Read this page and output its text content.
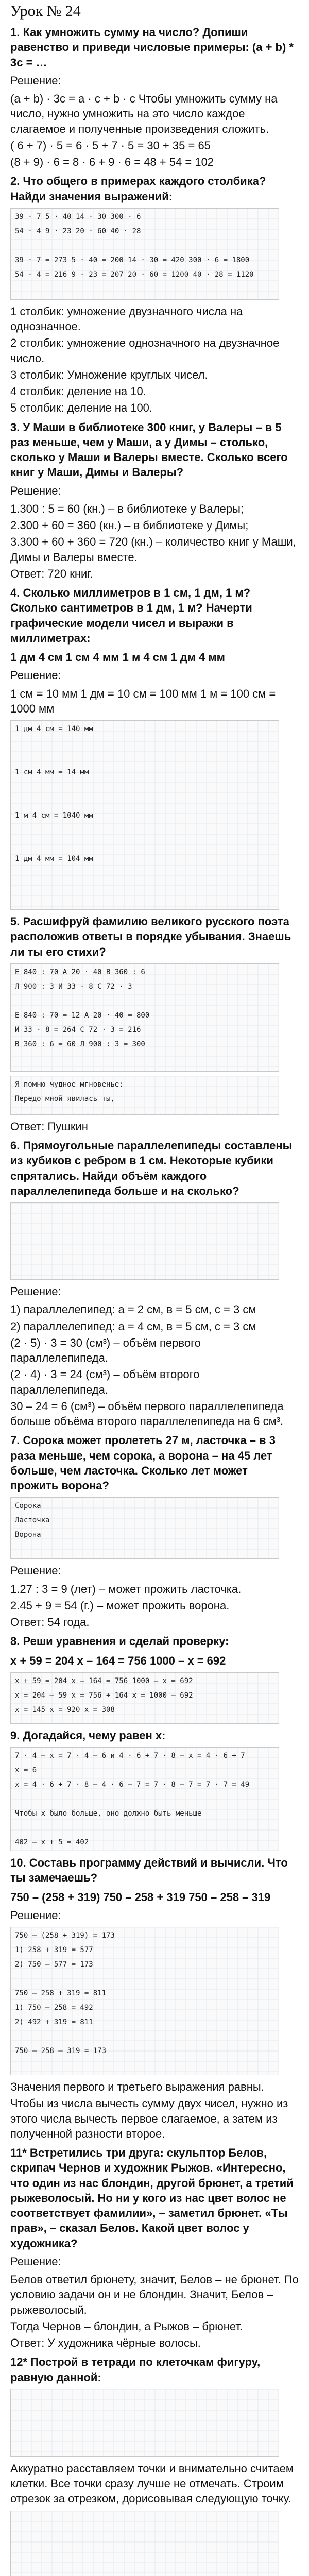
Урок № 24
1. Как умножить сумму на число? Допиши равенство и приведи числовые примеры: (a + b) * 3c = …
Решение:
(a + b) · 3c = a · c + b · c Чтобы умножить сумму на число, нужно умножить на это число каждое слагаемое и полученные произведения сложить.
( 6 + 7) · 5 = 6 · 5 + 7 · 5 = 30 + 35 = 65
(8 + 9) · 6 = 8 · 6 + 9 · 6 = 48 + 54 = 102
2. Что общего в примерах каждого столбика? Найди значения выражений:
39 · 7 5 · 40 14 · 30 300 · 6
54 · 4 9 · 23 20 · 60 40 · 28
39 · 7 = 273 5 · 40 = 200 14 · 30 = 420 300 · 6 = 1800
54 · 4 = 216 9 · 23 = 207 20 · 60 = 1200 40 · 28 = 1120
1 столбик: умножение двузначного числа на однозначное.
2 столбик: умножение однозначного на двузначное число.
3 столбик: Умножение круглых чисел.
4 столбик: деление на 10.
5 столбик: деление на 100.
3. У Маши в библиотеке 300 книг, у Валеры – в 5 раз меньше, чем у Маши, а у Димы – столько, сколько у Маши и Валеры вместе. Сколько всего книг у Маши, Димы и Валеры?
Решение:
1.300 : 5 = 60 (кн.) – в библиотеке у Валеры;
2.300 + 60 = 360 (кн.) – в библиотеке у Димы;
3.300 + 60 + 360 = 720 (кн.) – количество книг у Маши, Димы и Валеры вместе.
Ответ: 720 книг.
4. Сколько миллиметров в 1 см, 1 дм, 1 м? Сколько сантиметров в 1 дм, 1 м? Начерти графические модели чисел и выражи в миллиметрах:
1 дм 4 см 1 см 4 мм 1 м 4 см 1 дм 4 мм
Решение:
1 см = 10 мм 1 дм = 10 см = 100 мм 1 м = 100 см = 1000 мм
1 дм 4 см = 140 мм
1 см 4 мм = 14 мм
1 м 4 см = 1040 мм
1 дм 4 мм = 104 мм
5. Расшифруй фамилию великого русского поэта расположив ответы в порядке убывания. Знаешь ли ты его стихи?
E 840 : 70 A 20 · 40 B 360 : 6
Л 900 : 3 И 33 · 8 C 72 · 3
E 840 : 70 = 12 A 20 · 40 = 800
И 33 · 8 = 264 C 72 · 3 = 216
B 360 : 6 = 60 Л 900 : 3 = 300
Я помню чудное мгновенье:
Передо мной явилась ты,
Ответ: Пушкин
6. Прямоугольные параллелепипеды составлены из кубиков с ребром в 1 см. Некоторые кубики спрятались. Найди объём каждого параллелепипеда больше и на сколько?
Решение:
1) параллелепипед: a = 2 см, в = 5 см, c = 3 см
2) параллелепипед: a = 4 см, в = 5 см, c = 3 см
(2 · 5) · 3 = 30 (см³) – объём первого параллелепипеда.
(2 · 4) · 3 = 24 (см³) – объём второго параллелепипеда.
30 – 24 = 6 (см³) – объём первого параллелепипеда больше объёма второго параллелепипеда на 6 см³.
7. Сорока может пролететь 27 м, ласточка – в 3 раза меньше, чем сорока, а ворона – на 45 лет больше, чем ласточка. Сколько лет может прожить ворона?
Сорока
Ласточка
Ворона
Решение:
1.27 : 3 = 9 (лет) – может прожить ласточка.
2.45 + 9 = 54 (г.) – может прожить ворона.
Ответ: 54 года.
8. Реши уравнения и сделай проверку:
x + 59 = 204 x – 164 = 756 1000 – x = 692
x + 59 = 204 x – 164 = 756 1000 – x = 692
x = 204 – 59 x = 756 + 164 x = 1000 – 692
x = 145 x = 920 x = 308
9. Догадайся, чему равен x:
7 · 4 – x = 7 · 4 – 6 и 4 · 6 + 7 · 8 – x = 4 · 6 + 7
x = 6
х = 4 · 6 + 7 · 8 – 4 · 6 – 7 = 7 · 8 – 7 = 7 · 7 = 49
Чтобы x было больше, оно должно быть меньше
402 – x + 5 = 402
10. Составь программу действий и вычисли. Что ты замечаешь?
750 – (258 + 319) 750 – 258 + 319 750 – 258 – 319
Решение:
750 – (258 + 319) = 173
1) 258 + 319 = 577
2) 750 – 577 = 173
750 – 258 + 319 = 811
1) 750 – 258 = 492
2) 492 + 319 = 811
750 – 258 – 319 = 173
Значения первого и третьего выражения равны.
Чтобы из числа вычесть сумму двух чисел, нужно из этого числа вычесть первое слагаемое, а затем из полученной разности второе.
11* Встретились три друга: скульптор Белов, скрипач Чернов и художник Рыжов. «Интересно, что один из нас блондин, другой брюнет, а третий рыжеволосый. Но ни у кого из нас цвет волос не соответствует фамилии», – заметил брюнет. «Ты прав», – сказал Белов. Какой цвет волос у художника?
Решение:
Белов ответил брюнету, значит, Белов – не брюнет. По условию задачи он и не блондин. Значит, Белов – рыжеволосый.
Тогда Чернов – блондин, а Рыжов – брюнет.
Ответ: У художника чёрные волосы.
12* Построй в тетради по клеточкам фигуру, равную данной:
Аккуратно расставляем точки и внимательно считаем клетки. Все точки сразу лучше не отмечать. Строим отрезок за отрезком, дорисовывая следующую точку.
